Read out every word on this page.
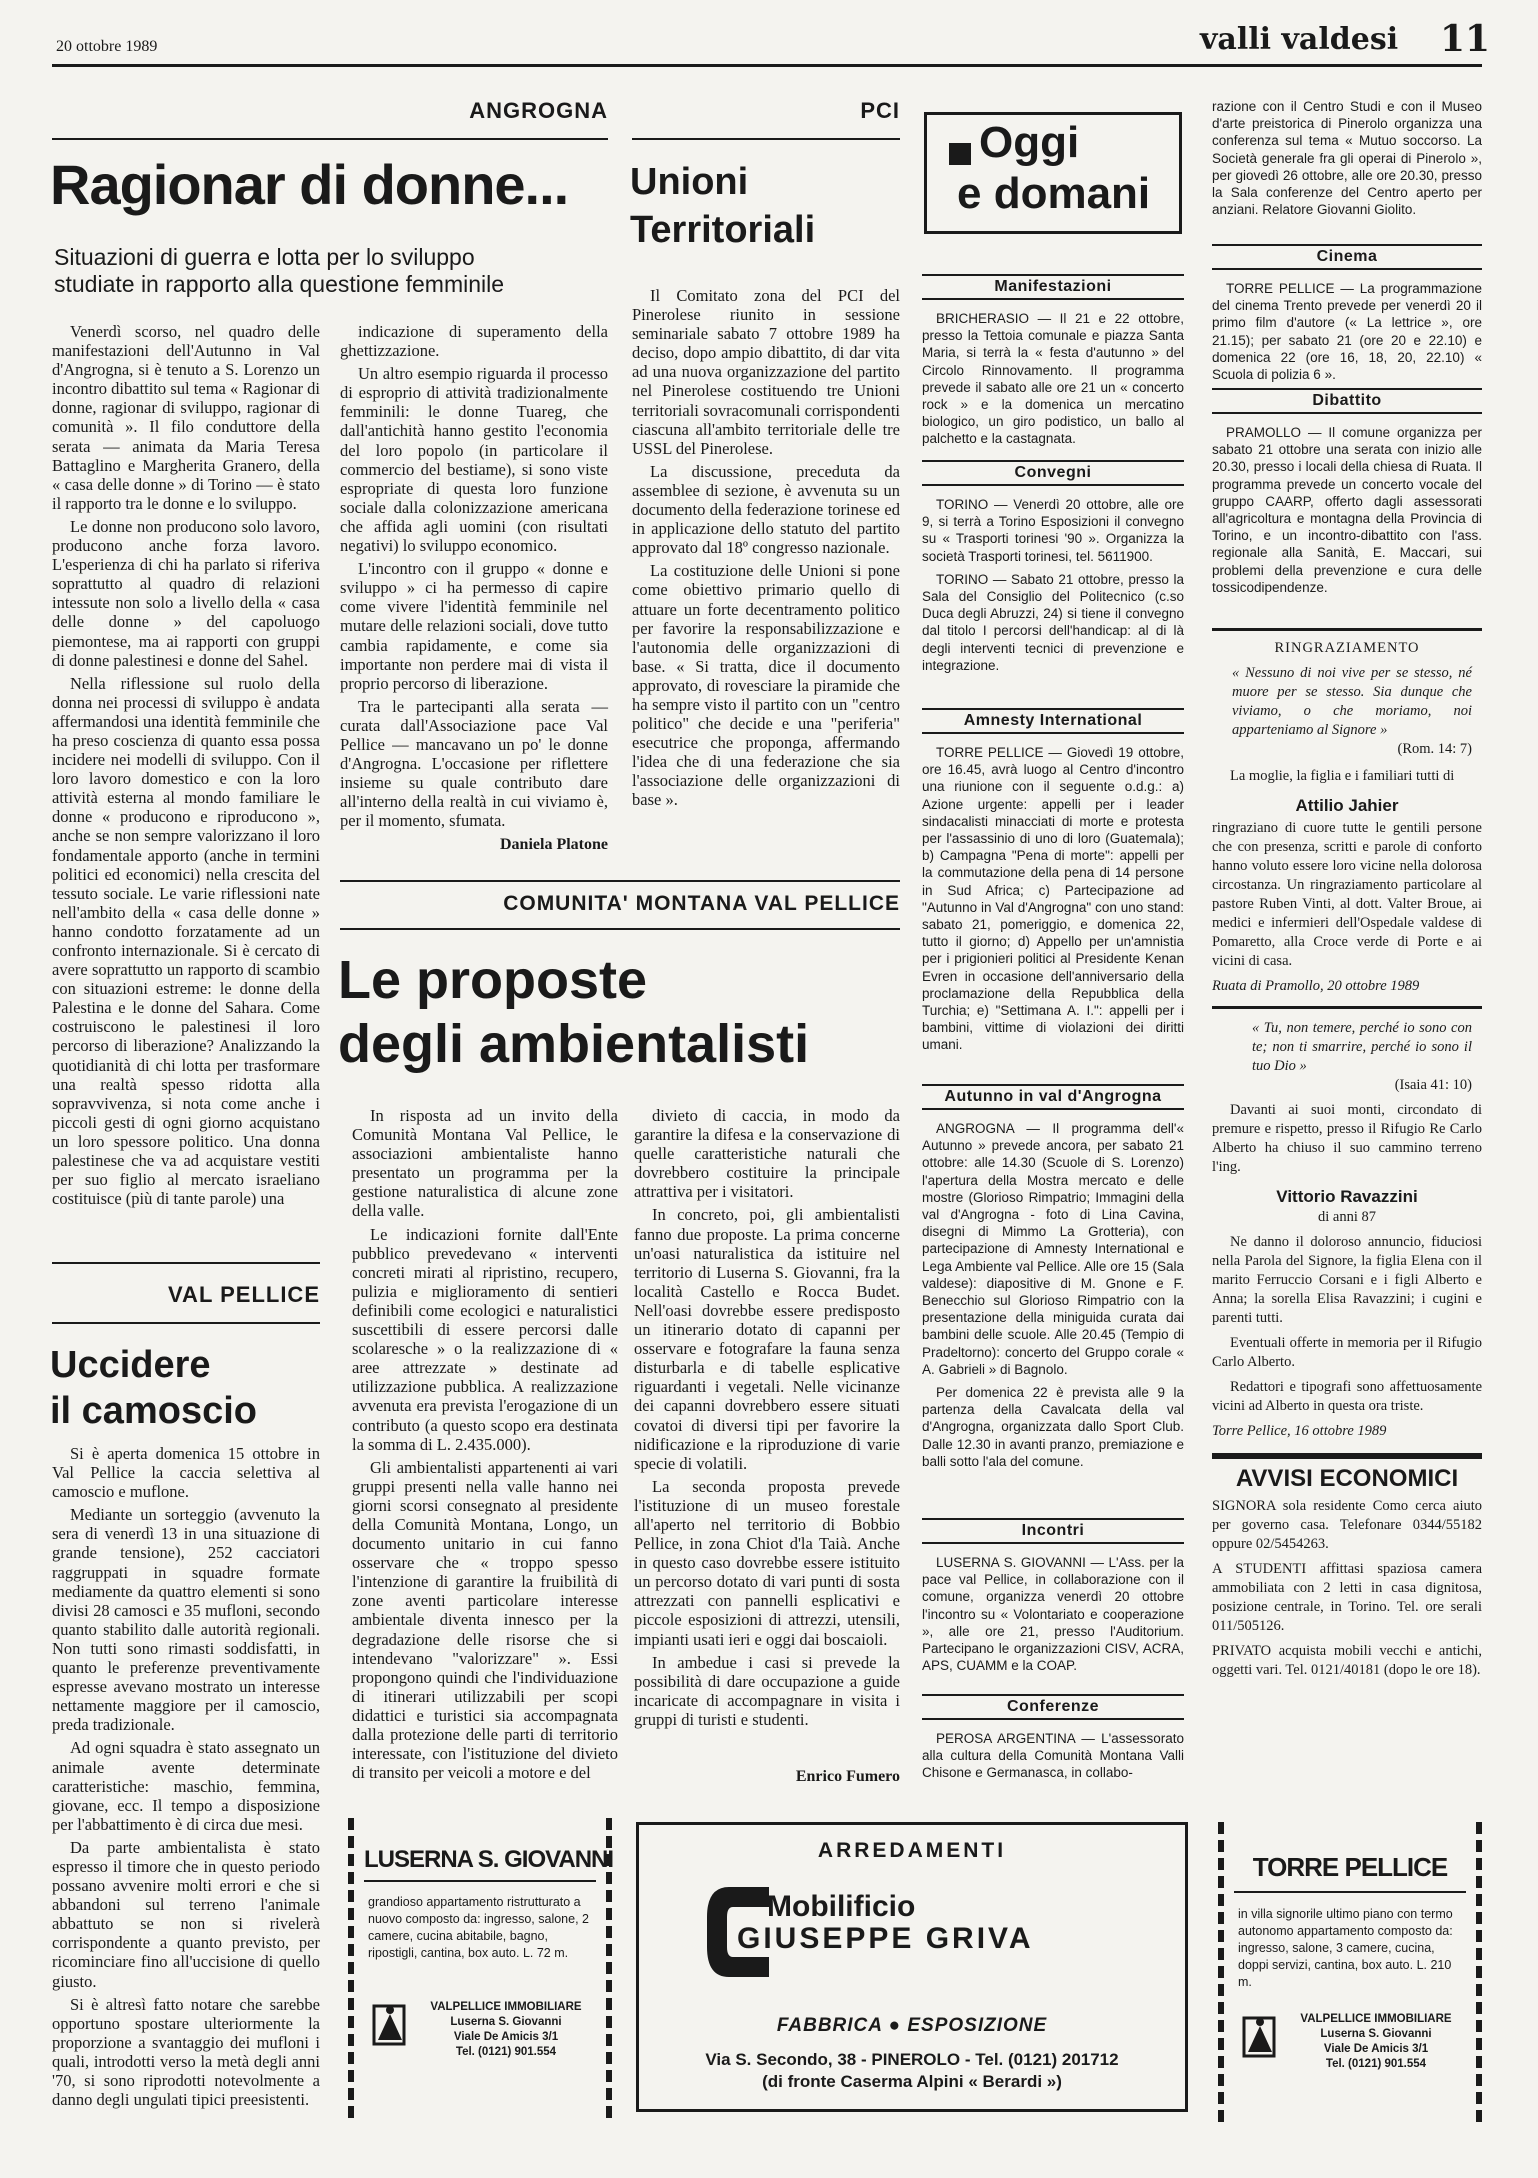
20 ottobre 1989	valli valdesi 11
ANGROGNA
Ragionar di donne...
Situazioni di guerra e lotta per lo sviluppo
studiate in rapporto alla questione femminile

Venerdì scorso, nel quadro delle manifestazioni dell'Autunno in Val d'Angrogna, si è tenuto a S. Lorenzo un incontro dibattito sul tema « Ragionar di donne, ragionar di sviluppo, ragionar di comunità ». Il filo conduttore della serata — animata da Maria Teresa Battaglino e Margherita Granero, della « casa delle donne » di Torino — è stato il rapporto tra le donne e lo sviluppo.

Le donne non producono solo lavoro, producono anche forza lavoro. L'esperienza di chi ha parlato si riferiva soprattutto al quadro di relazioni intessute non solo a livello della « casa delle donne » del capoluogo piemontese, ma ai rapporti con gruppi di donne palestinesi e donne del Sahel.

Nella riflessione sul ruolo della donna nei processi di sviluppo è andata affermandosi una identità femminile che ha preso coscienza di quanto essa possa incidere nei modelli di sviluppo. Con il loro lavoro domestico e con la loro attività esterna al mondo familiare le donne « producono e riproducono », anche se non sempre valorizzano il loro fondamentale apporto (anche in termini politici ed economici) nella crescita del tessuto sociale. Le varie riflessioni nate nell'ambito della « casa delle donne » hanno condotto forzatamente ad un confronto internazionale. Si è cercato di avere soprattutto un rapporto di scambio con situazioni estreme: le donne della Palestina e le donne del Sahara. Come costruiscono le palestinesi il loro percorso di liberazione? Analizzando la quotidianità di chi lotta per trasformare una realtà spesso ridotta alla sopravvivenza, si nota come anche i piccoli gesti di ogni giorno acquistano un loro spessore politico. Una donna palestinese che va ad acquistare vestiti per suo figlio al mercato israeliano costituisce (più di tante parole) una

indicazione di superamento della ghettizzazione.

Un altro esempio riguarda il processo di esproprio di attività tradizionalmente femminili: le donne Tuareg, che dall'antichità hanno gestito l'economia del loro popolo (in particolare il commercio del bestiame), si sono viste espropriate di questa loro funzione sociale dalla colonizzazione americana che affida agli uomini (con risultati negativi) lo sviluppo economico.

L'incontro con il gruppo « donne e sviluppo » ci ha permesso di capire come vivere l'identità femminile nel mutare delle relazioni sociali, dove tutto cambia rapidamente, e come sia importante non perdere mai di vista il proprio percorso di liberazione.

Tra le partecipanti alla serata — curata dall'Associazione pace Val Pellice — mancavano un po' le donne d'Angrogna. L'occasione per riflettere insieme su quale contributo dare all'interno della realtà in cui viviamo è, per il momento, sfumata.

Daniela Platone
PCI
Unioni
Territoriali

Il Comitato zona del PCI del Pinerolese riunito in sessione seminariale sabato 7 ottobre 1989 ha deciso, dopo ampio dibattito, di dar vita ad una nuova organizzazione del partito nel Pinerolese costituendo tre Unioni territoriali sovracomunali corrispondenti ciascuna all'ambito territoriale delle tre USSL del Pinerolese.

La discussione, preceduta da assemblee di sezione, è avvenuta su un documento della federazione torinese ed in applicazione dello statuto del partito approvato dal 18º congresso nazionale.

La costituzione delle Unioni si pone come obiettivo primario quello di attuare un forte decentramento politico per favorire la responsabilizzazione e l'autonomia delle organizzazioni di base. « Si tratta, dice il documento approvato, di rovesciare la piramide che ha sempre visto il partito con un "centro politico" che decide e una "periferia" esecutrice che proponga, affermando l'idea che di una federazione che sia l'associazione delle organizzazioni di base ».

COMUNITA' MONTANA VAL PELLICE
Le proposte
degli ambientalisti

In risposta ad un invito della Comunità Montana Val Pellice, le associazioni ambientaliste hanno presentato un programma per la gestione naturalistica di alcune zone della valle.

Le indicazioni fornite dall'Ente pubblico prevedevano « interventi concreti mirati al ripristino, recupero, pulizia e miglioramento di sentieri definibili come ecologici e naturalistici suscettibili di essere percorsi dalle scolaresche » o la realizzazione di « aree attrezzate » destinate ad utilizzazione pubblica. A realizzazione avvenuta era prevista l'erogazione di un contributo (a questo scopo era destinata la somma di L. 2.435.000).

Gli ambientalisti appartenenti ai vari gruppi presenti nella valle hanno nei giorni scorsi consegnato al presidente della Comunità Montana, Longo, un documento unitario in cui fanno osservare che « troppo spesso l'intenzione di garantire la fruibilità di zone aventi particolare interesse ambientale diventa innesco per la degradazione delle risorse che si intendevano "valorizzare" ». Essi propongono quindi che l'individuazione di itinerari utilizzabili per scopi didattici e turistici sia accompagnata dalla protezione delle parti di territorio interessate, con l'istituzione del divieto di transito per veicoli a motore e del

divieto di caccia, in modo da garantire la difesa e la conservazione di quelle caratteristiche naturali che dovrebbero costituire la principale attrattiva per i visitatori.

In concreto, poi, gli ambientalisti fanno due proposte. La prima concerne un'oasi naturalistica da istituire nel territorio di Luserna S. Giovanni, fra la località Castello e Rocca Budet. Nell'oasi dovrebbe essere predisposto un itinerario dotato di capanni per osservare e fotografare la fauna senza disturbarla e di tabelle esplicative riguardanti i vegetali. Nelle vicinanze dei capanni dovrebbero essere situati covatoi di diversi tipi per favorire la nidificazione e la riproduzione di varie specie di volatili.

La seconda proposta prevede l'istituzione di un museo forestale all'aperto nel territorio di Bobbio Pellice, in zona Chiot d'la Taià. Anche in questo caso dovrebbe essere istituito un percorso dotato di vari punti di sosta attrezzati con pannelli esplicativi e piccole esposizioni di attrezzi, utensili, impianti usati ieri e oggi dai boscaioli.

In ambedue i casi si prevede la possibilità di dare occupazione a guide incaricate di accompagnare in visita i gruppi di turisti e studenti.

Enrico Fumero
VAL PELLICE
Uccidere
il camoscio

Si è aperta domenica 15 ottobre in Val Pellice la caccia selettiva al camoscio e muflone.

Mediante un sorteggio (avvenuto la sera di venerdì 13 in una situazione di grande tensione), 252 cacciatori raggruppati in squadre formate mediamente da quattro elementi si sono divisi 28 camosci e 35 mufloni, secondo quanto stabilito dalle autorità regionali. Non tutti sono rimasti soddisfatti, in quanto le preferenze preventivamente espresse avevano mostrato un interesse nettamente maggiore per il camoscio, preda tradizionale.

Ad ogni squadra è stato assegnato un animale avente determinate caratteristiche: maschio, femmina, giovane, ecc. Il tempo a disposizione per l'abbattimento è di circa due mesi.

Da parte ambientalista è stato espresso il timore che in questo periodo possano avvenire molti errori e che si abbandoni sul terreno l'animale abbattuto se non si rivelerà corrispondente a quanto previsto, per ricominciare fino all'uccisione di quello giusto.

Si è altresì fatto notare che sarebbe opportuno spostare ulteriormente la proporzione a svantaggio dei mufloni i quali, introdotti verso la metà degli anni '70, si sono riprodotti notevolmente a danno degli ungulati tipici preesistenti.

Oggi
e domani
Manifestazioni

BRICHERASIO — Il 21 e 22 ottobre, presso la Tettoia comunale e piazza Santa Maria, si terrà la « festa d'autunno » del Circolo Rinnovamento. Il programma prevede il sabato alle ore 21 un « concerto rock » e la domenica un mercatino biologico, un giro podistico, un ballo al palchetto e la castagnata.

Convegni

TORINO — Venerdì 20 ottobre, alle ore 9, si terrà a Torino Esposizioni il convegno su « Trasporti torinesi '90 ». Organizza la società Trasporti torinesi, tel. 5611900.

TORINO — Sabato 21 ottobre, presso la Sala del Consiglio del Politecnico (c.so Duca degli Abruzzi, 24) si tiene il convegno dal titolo I percorsi dell'handicap: al di là degli interventi tecnici di prevenzione e integrazione.

Amnesty International

TORRE PELLICE — Giovedì 19 ottobre, ore 16.45, avrà luogo al Centro d'incontro una riunione con il seguente o.d.g.: a) Azione urgente: appelli per i leader sindacalisti minacciati di morte e protesta per l'assassinio di uno di loro (Guatemala); b) Campagna "Pena di morte": appelli per la commutazione della pena di 14 persone in Sud Africa; c) Partecipazione ad "Autunno in Val d'Angrogna" con uno stand: sabato 21, pomeriggio, e domenica 22, tutto il giorno; d) Appello per un'amnistia per i prigionieri politici al Presidente Kenan Evren in occasione dell'anniversario della proclamazione della Repubblica della Turchia; e) "Settimana A. I.": appelli per i bambini, vittime di violazioni dei diritti umani.

Autunno in val d'Angrogna

ANGROGNA — Il programma dell'« Autunno » prevede ancora, per sabato 21 ottobre: alle 14.30 (Scuole di S. Lorenzo) l'apertura della Mostra mercato e delle mostre (Glorioso Rimpatrio; Immagini della val d'Angrogna - foto di Lina Cavina, disegni di Mimmo La Grotteria), con partecipazione di Amnesty International e Lega Ambiente val Pellice. Alle ore 15 (Sala valdese): diapositive di M. Gnone e F. Benecchio sul Glorioso Rimpatrio con la presentazione della miniguida curata dai bambini delle scuole. Alle 20.45 (Tempio di Pradeltorno): concerto del Gruppo corale « A. Gabrieli » di Bagnolo.

Per domenica 22 è prevista alle 9 la partenza della Cavalcata della val d'Angrogna, organizzata dallo Sport Club. Dalle 12.30 in avanti pranzo, premiazione e balli sotto l'ala del comune.

Incontri

LUSERNA S. GIOVANNI — L'Ass. per la pace val Pellice, in collaborazione con il comune, organizza venerdì 20 ottobre l'incontro su « Volontariato e cooperazione », alle ore 21, presso l'Auditorium. Partecipano le organizzazioni CISV, ACRA, APS, CUAMM e la COAP.

Conferenze

PEROSA ARGENTINA — L'assessorato alla cultura della Comunità Montana Valli Chisone e Germanasca, in collabo-

razione con il Centro Studi e con il Museo d'arte preistorica di Pinerolo organizza una conferenza sul tema « Mutuo soccorso. La Società generale fra gli operai di Pinerolo », per giovedì 26 ottobre, alle ore 20.30, presso la Sala conferenze del Centro aperto per anziani. Relatore Giovanni Giolito.

Cinema

TORRE PELLICE — La programmazione del cinema Trento prevede per venerdì 20 il primo film d'autore (« La lettrice », ore 21.15); per sabato 21 (ore 20 e 22.10) e domenica 22 (ore 16, 18, 20, 22.10) « Scuola di polizia 6 ».

Dibattito

PRAMOLLO — Il comune organizza per sabato 21 ottobre una serata con inizio alle 20.30, presso i locali della chiesa di Ruata. Il programma prevede un concerto vocale del gruppo CAARP, offerto dagli assessorati all'agricoltura e montagna della Provincia di Torino, e un incontro-dibattito con l'ass. regionale alla Sanità, E. Maccari, sui problemi della prevenzione e cura delle tossicodipendenze.

RINGRAZIAMENTO
« Nessuno di noi vive per se stesso, né muore per se stesso. Sia dunque che viviamo, o che moriamo, noi apparteniamo al Signore »
(Rom. 14: 7)
La moglie, la figlia e i familiari tutti di
Attilio Jahier
ringraziano di cuore tutte le gentili persone che con presenza, scritti e parole di conforto hanno voluto essere loro vicine nella dolorosa circostanza. Un ringraziamento particolare al pastore Ruben Vinti, al dott. Valter Broue, ai medici e infermieri dell'Ospedale valdese di Pomaretto, alla Croce verde di Porte e ai vicini di casa.
Ruata di Pramollo, 20 ottobre 1989
« Tu, non temere, perché io sono con te; non ti smarrire, perché io sono il tuo Dio »
(Isaia 41: 10)
Davanti ai suoi monti, circondato di premure e rispetto, presso il Rifugio Re Carlo Alberto ha chiuso il suo cammino terreno l'ing.
Vittorio Ravazzini
di anni 87
Ne danno il doloroso annuncio, fiduciosi nella Parola del Signore, la figlia Elena con il marito Ferruccio Corsani e i figli Alberto e Anna; la sorella Elisa Ravazzini; i cugini e parenti tutti.
Eventuali offerte in memoria per il Rifugio Carlo Alberto.
Redattori e tipografi sono affettuosamente vicini ad Alberto in questa ora triste.
Torre Pellice, 16 ottobre 1989
AVVISI ECONOMICI
SIGNORA sola residente Como cerca aiuto per governo casa. Telefonare 0344/55182 oppure 02/5454263.
A STUDENTI affittasi spaziosa camera ammobiliata con 2 letti in casa dignitosa, posizione centrale, in Torino. Tel. ore serali 011/505126.
PRIVATO acquista mobili vecchi e antichi, oggetti vari. Tel. 0121/40181 (dopo le ore 18).
LUSERNA S. GIOVANNI
grandioso appartamento ristrutturato a nuovo composto da: ingresso, salone, 2 camere, cucina abitabile, bagno, ripostigli, cantina, box auto. L. 72 m.
VALPELLICE IMMOBILIARE
Luserna S. Giovanni
Viale De Amicis 3/1
Tel. (0121) 901.554
ARREDAMENTI
Mobilificio
GIUSEPPE GRIVA
FABBRICA ● ESPOSIZIONE
Via S. Secondo, 38 - PINEROLO - Tel. (0121) 201712
(di fronte Caserma Alpini « Berardi »)
TORRE PELLICE
in villa signorile ultimo piano con termo autonomo appartamento composto da: ingresso, salone, 3 camere, cucina, doppi servizi, cantina, box auto. L. 210 m.
VALPELLICE IMMOBILIARE
Luserna S. Giovanni
Viale De Amicis 3/1
Tel. (0121) 901.554
